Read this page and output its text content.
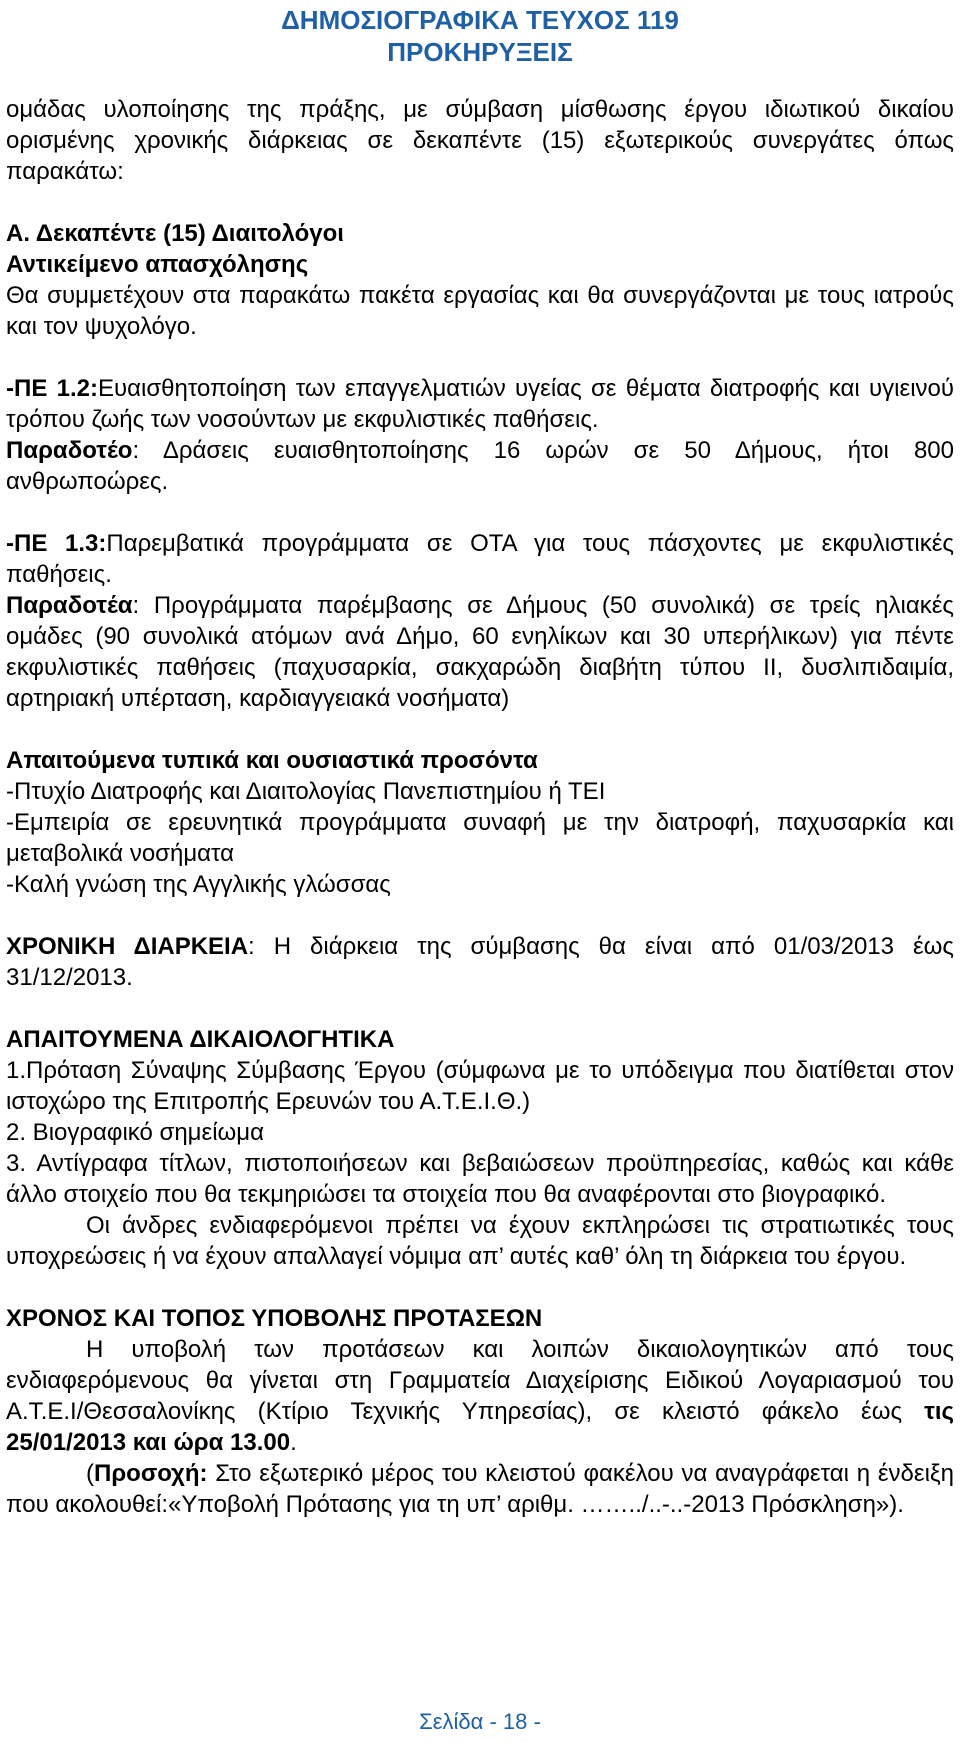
ΔΗΜΟΣΙΟΓΡΑΦΙΚΑ ΤΕΥΧΟΣ 119
ΠΡΟΚΗΡΥΞΕΙΣ

ομάδας υλοποίησης της πράξης, με σύμβαση μίσθωσης έργου ιδιωτικού δικαίου ορισμένης χρονικής διάρκειας σε δεκαπέντε (15) εξωτερικούς συνεργάτες όπως παρακάτω:

Α. Δεκαπέντε (15) Διαιτολόγοι

Αντικείμενο απασχόλησης

Θα συμμετέχουν στα παρακάτω πακέτα εργασίας και θα συνεργάζονται με τους ιατρούς και τον ψυχολόγο.

-ΠΕ 1.2:Ευαισθητοποίηση των επαγγελματιών υγείας σε θέματα διατροφής και υγιεινού τρόπου ζωής των νοσούντων με εκφυλιστικές παθήσεις.

Παραδοτέο: Δράσεις ευαισθητοποίησης 16 ωρών σε 50 Δήμους, ήτοι 800 ανθρωποώρες.

-ΠΕ 1.3:Παρεμβατικά προγράμματα σε ΟΤΑ για τους πάσχοντες με εκφυλιστικές παθήσεις.

Παραδοτέα: Προγράμματα παρέμβασης σε Δήμους (50 συνολικά) σε τρείς ηλιακές ομάδες (90 συνολικά ατόμων ανά Δήμο, 60 ενηλίκων και 30 υπερήλικων) για πέντε εκφυλιστικές παθήσεις (παχυσαρκία, σακχαρώδη διαβήτη τύπου ΙΙ, δυσλιπιδαιμία, αρτηριακή υπέρταση, καρδιαγγειακά νοσήματα)

Απαιτούμενα τυπικά και ουσιαστικά προσόντα

-Πτυχίο Διατροφής και Διαιτολογίας Πανεπιστημίου ή ΤΕΙ

-Εμπειρία σε ερευνητικά προγράμματα συναφή με την διατροφή, παχυσαρκία και μεταβολικά νοσήματα

-Καλή γνώση της Αγγλικής γλώσσας

ΧΡΟΝΙΚΗ ΔΙΑΡΚΕΙΑ: Η διάρκεια της σύμβασης θα είναι από 01/03/2013 έως 31/12/2013.

ΑΠΑΙΤΟΥΜΕΝΑ ΔΙΚΑΙΟΛΟΓΗΤΙΚΑ

1.Πρόταση Σύναψης Σύμβασης Έργου (σύμφωνα με το υπόδειγμα που διατίθεται στον ιστοχώρο της Επιτροπής Ερευνών του Α.Τ.Ε.Ι.Θ.)

2. Βιογραφικό σημείωμα

3. Αντίγραφα τίτλων, πιστοποιήσεων και βεβαιώσεων προϋπηρεσίας, καθώς και κάθε άλλο στοιχείο που θα τεκμηριώσει τα στοιχεία που θα αναφέρονται στο βιογραφικό.

Οι άνδρες ενδιαφερόμενοι πρέπει να έχουν εκπληρώσει τις στρατιωτικές τους υποχρεώσεις ή να έχουν απαλλαγεί νόμιμα απ’ αυτές καθ’ όλη τη διάρκεια του έργου.

ΧΡΟΝΟΣ ΚΑΙ ΤΟΠΟΣ ΥΠΟΒΟΛΗΣ ΠΡΟΤΑΣΕΩΝ

Η υποβολή των προτάσεων και λοιπών δικαιολογητικών από τους ενδιαφερόμενους θα γίνεται στη Γραμματεία Διαχείρισης Ειδικού Λογαριασμού του Α.Τ.Ε.Ι/Θεσσαλονίκης (Κτίριο Τεχνικής Υπηρεσίας), σε κλειστό φάκελο έως τις 25/01/2013 και ώρα 13.00.

(Προσοχή: Στο εξωτερικό μέρος του κλειστού φακέλου να αναγράφεται η ένδειξη που ακολουθεί:«Υποβολή Πρότασης για τη υπ’ αριθμ. ……../..-..-2013 Πρόσκληση»).

Σελίδα - 18 -
